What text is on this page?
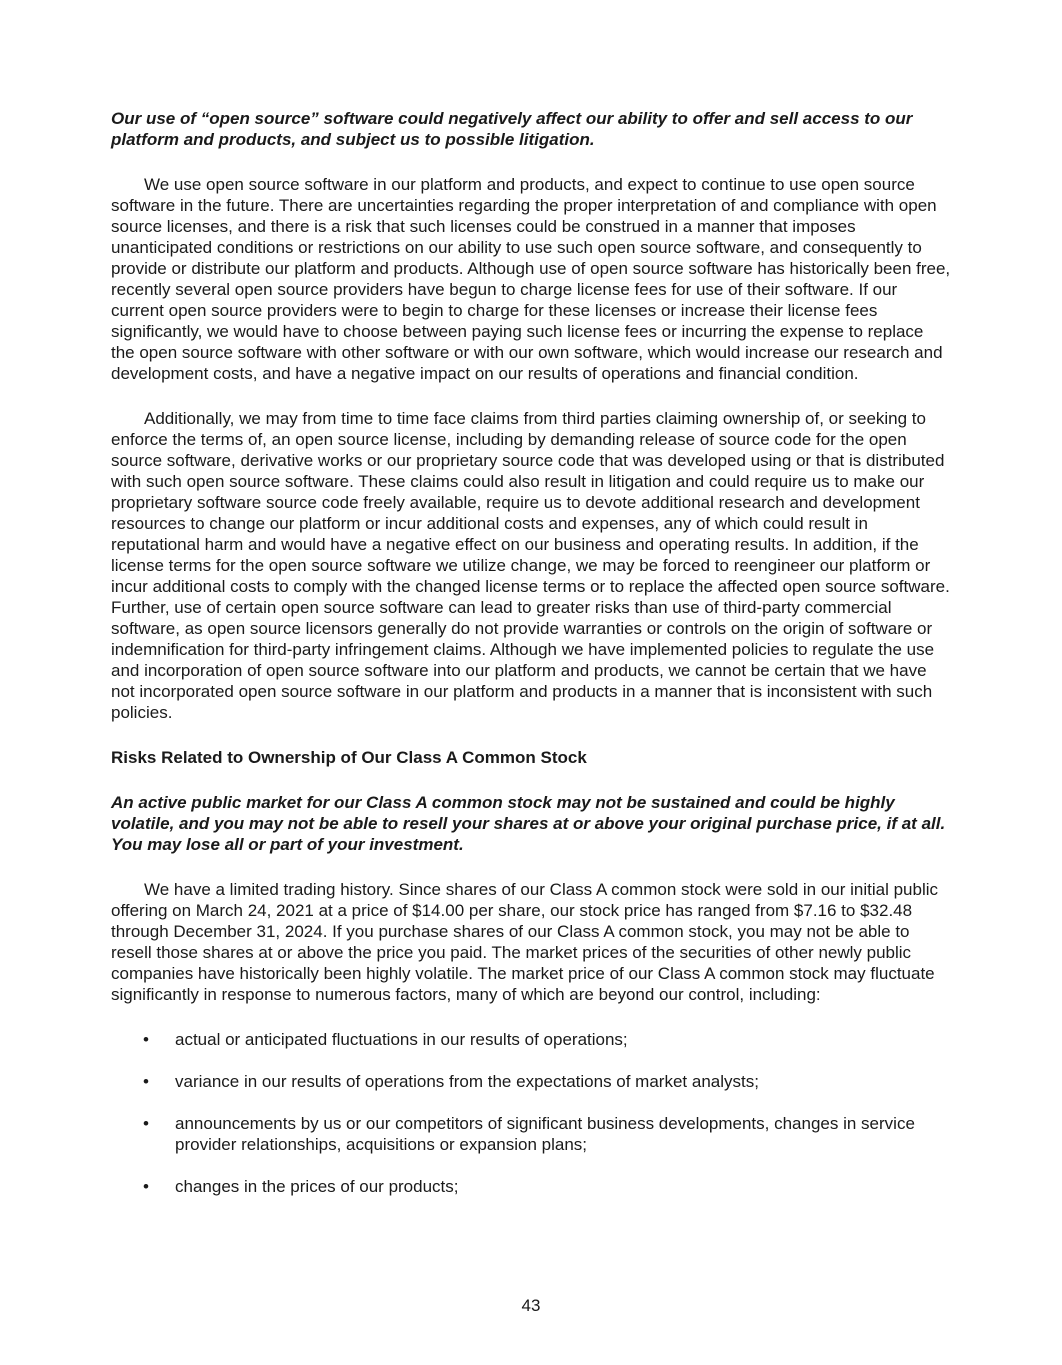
Our use of “open source” software could negatively affect our ability to offer and sell access to our platform and products, and subject us to possible litigation.

We use open source software in our platform and products, and expect to continue to use open source software in the future. There are uncertainties regarding the proper interpretation of and compliance with open source licenses, and there is a risk that such licenses could be construed in a manner that imposes unanticipated conditions or restrictions on our ability to use such open source software, and consequently to provide or distribute our platform and products. Although use of open source software has historically been free, recently several open source providers have begun to charge license fees for use of their software. If our current open source providers were to begin to charge for these licenses or increase their license fees significantly, we would have to choose between paying such license fees or incurring the expense to replace the open source software with other software or with our own software, which would increase our research and development costs, and have a negative impact on our results of operations and financial condition.

Additionally, we may from time to time face claims from third parties claiming ownership of, or seeking to enforce the terms of, an open source license, including by demanding release of source code for the open source software, derivative works or our proprietary source code that was developed using or that is distributed with such open source software. These claims could also result in litigation and could require us to make our proprietary software source code freely available, require us to devote additional research and development resources to change our platform or incur additional costs and expenses, any of which could result in reputational harm and would have a negative effect on our business and operating results. In addition, if the license terms for the open source software we utilize change, we may be forced to reengineer our platform or incur additional costs to comply with the changed license terms or to replace the affected open source software. Further, use of certain open source software can lead to greater risks than use of third-party commercial software, as open source licensors generally do not provide warranties or controls on the origin of software or indemnification for third-party infringement claims. Although we have implemented policies to regulate the use and incorporation of open source software into our platform and products, we cannot be certain that we have not incorporated open source software in our platform and products in a manner that is inconsistent with such policies.

Risks Related to Ownership of Our Class A Common Stock

An active public market for our Class A common stock may not be sustained and could be highly volatile, and you may not be able to resell your shares at or above your original purchase price, if at all. You may lose all or part of your investment.

We have a limited trading history. Since shares of our Class A common stock were sold in our initial public offering on March 24, 2021 at a price of $14.00 per share, our stock price has ranged from $7.16 to $32.48 through December 31, 2024. If you purchase shares of our Class A common stock, you may not be able to resell those shares at or above the price you paid. The market prices of the securities of other newly public companies have historically been highly volatile. The market price of our Class A common stock may fluctuate significantly in response to numerous factors, many of which are beyond our control, including:

• actual or anticipated fluctuations in our results of operations;
• variance in our results of operations from the expectations of market analysts;
• announcements by us or our competitors of significant business developments, changes in service provider relationships, acquisitions or expansion plans;
• changes in the prices of our products;
43
